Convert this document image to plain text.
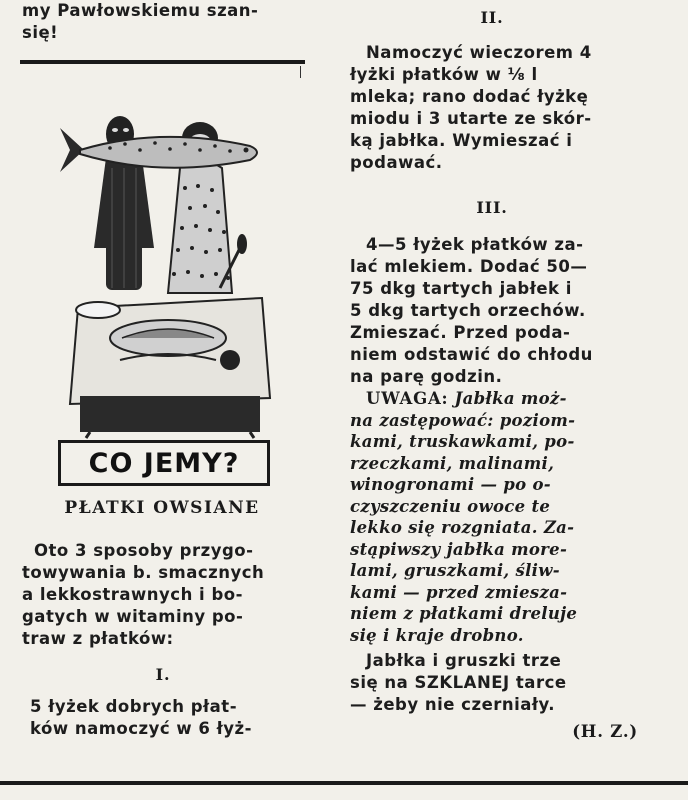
my Pawłowskiemu szan-
się!
CO JEMY?
PŁATKI OWSIANE
Oto 3 sposoby przygo-
towywania b. smacznych
a lekkostrawnych i bo-
gatych w witaminy po-
traw z płatków:
I.
5 łyżek dobrych płat-
ków namoczyć w 6 łyż-
II.
Namoczyć wieczorem 4
łyżki płatków w ⅛ l
mleka; rano dodać łyżkę
miodu i 3 utarte ze skór-
ką jabłka. Wymieszać i
podawać.
III.
4—5 łyżek płatków za-
lać mlekiem. Dodać 50—
75 dkg tartych jabłek i
5 dkg tartych orzechów.
Zmieszać. Przed poda-
niem odstawić do chłodu
na parę godzin.
UWAGA: Jabłka moż-
na zastępować: poziom-
kami, truskawkami, po-
rzeczkami, malinami,
winogronami — po o-
czyszczeniu owoce te
lekko się rozgniata. Za-
stąpiwszy jabłka more-
lami, gruszkami, śliw-
kami — przed zmiesza-
niem z płatkami dreluje
się i kraje drobno.
Jabłka i gruszki trze
się na SZKLANEJ tarce
— żeby nie czerniały.
(H. Z.)
